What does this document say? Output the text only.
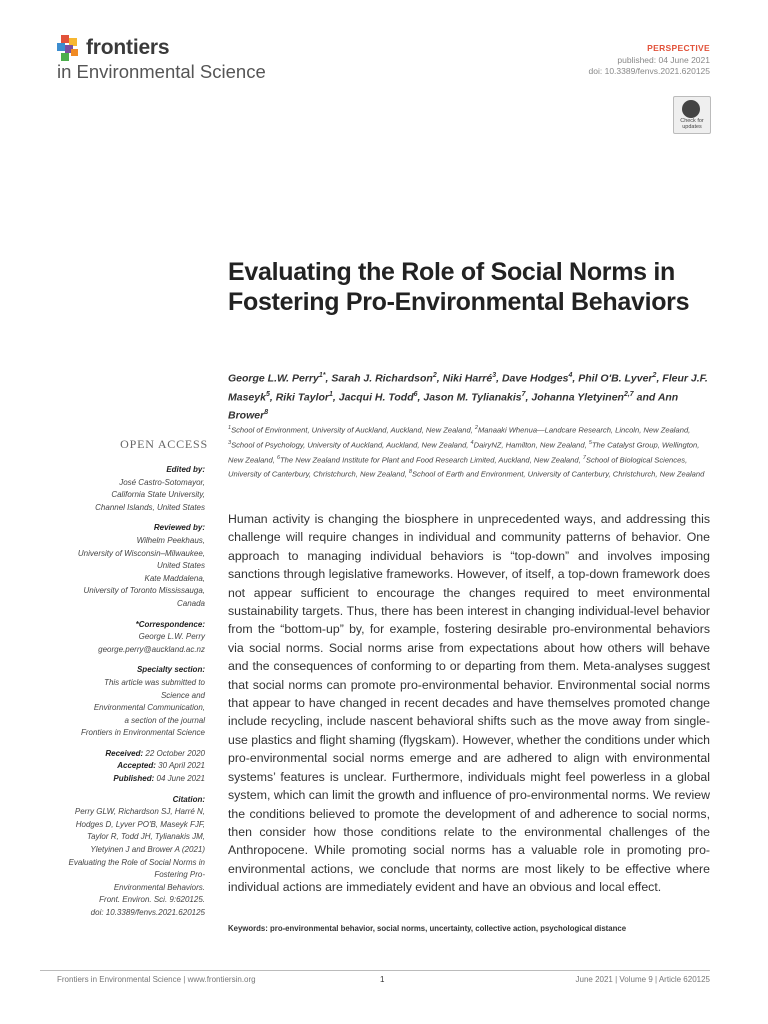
frontiers
in Environmental Science
PERSPECTIVE
published: 04 June 2021
doi: 10.3389/fenvs.2021.620125
Check for updates
Evaluating the Role of Social Norms in Fostering Pro-Environmental Behaviors
George L.W. Perry$^{1*}$, Sarah J. Richardson$^2$, Niki Harré$^3$, Dave Hodges$^4$, Phil O'B. Lyver$^2$, Fleur J.F. Maseyk$^5$, Riki Taylor$^1$, Jacqui H. Todd$^6$, Jason M. Tylianakis$^7$, Johanna Yletyinen$^{2,7}$ and Ann Brower$^8$
$^1$School of Environment, University of Auckland, Auckland, New Zealand, $^2$Manaaki Whenua—Landcare Research, Lincoln, New Zealand, $^3$School of Psychology, University of Auckland, Auckland, New Zealand, $^4$DairyNZ, Hamilton, New Zealand, $^5$The Catalyst Group, Wellington, New Zealand, $^6$The New Zealand Institute for Plant and Food Research Limited, Auckland, New Zealand, $^7$School of Biological Sciences, University of Canterbury, Christchurch, New Zealand, $^8$School of Earth and Environment, University of Canterbury, Christchurch, New Zealand
OPEN ACCESS
Edited by:
José Castro-Sotomayor,
California State University,
Channel Islands, United States
Reviewed by:
Wilhelm Peekhaus,
University of Wisconsin–Milwaukee,
United States
Kate Maddalena,
University of Toronto Mississauga,
Canada
*Correspondence:
George L.W. Perry
george.perry@auckland.ac.nz
Specialty section:
This article was submitted to
Science and
Environmental Communication,
a section of the journal
Frontiers in Environmental Science
Received: 22 October 2020
Accepted: 30 April 2021
Published: 04 June 2021
Citation:
Perry GLW, Richardson SJ, Harré N,
Hodges D, Lyver PO'B, Maseyk FJF,
Taylor R, Todd JH, Tylianakis JM,
Yletyinen J and Brower A (2021)
Evaluating the Role of Social Norms in
Fostering Pro-
Environmental Behaviors.
Front. Environ. Sci. 9:620125.
doi: 10.3389/fenvs.2021.620125
Human activity is changing the biosphere in unprecedented ways, and addressing this challenge will require changes in individual and community patterns of behavior. One approach to managing individual behaviors is “top-down” and involves imposing sanctions through legislative frameworks. However, of itself, a top-down framework does not appear sufficient to encourage the changes required to meet environmental sustainability targets. Thus, there has been interest in changing individual-level behavior from the “bottom-up” by, for example, fostering desirable pro-environmental behaviors via social norms. Social norms arise from expectations about how others will behave and the consequences of conforming to or departing from them. Meta-analyses suggest that social norms can promote pro-environmental behavior. Environmental social norms that appear to have changed in recent decades and have themselves promoted change include recycling, include nascent behavioral shifts such as the move away from single-use plastics and flight shaming (flygskam). However, whether the conditions under which pro-environmental social norms emerge and are adhered to align with environmental systems’ features is unclear. Furthermore, individuals might feel powerless in a global system, which can limit the growth and influence of pro-environmental norms. We review the conditions believed to promote the development of and adherence to social norms, then consider how those conditions relate to the environmental challenges of the Anthropocene. While promoting social norms has a valuable role in promoting pro-environmental actions, we conclude that norms are most likely to be effective where individual actions are immediately evident and have an obvious and local effect.
Keywords: pro-environmental behavior, social norms, uncertainty, collective action, psychological distance
Frontiers in Environmental Science | www.frontiersin.org	1	June 2021 | Volume 9 | Article 620125
